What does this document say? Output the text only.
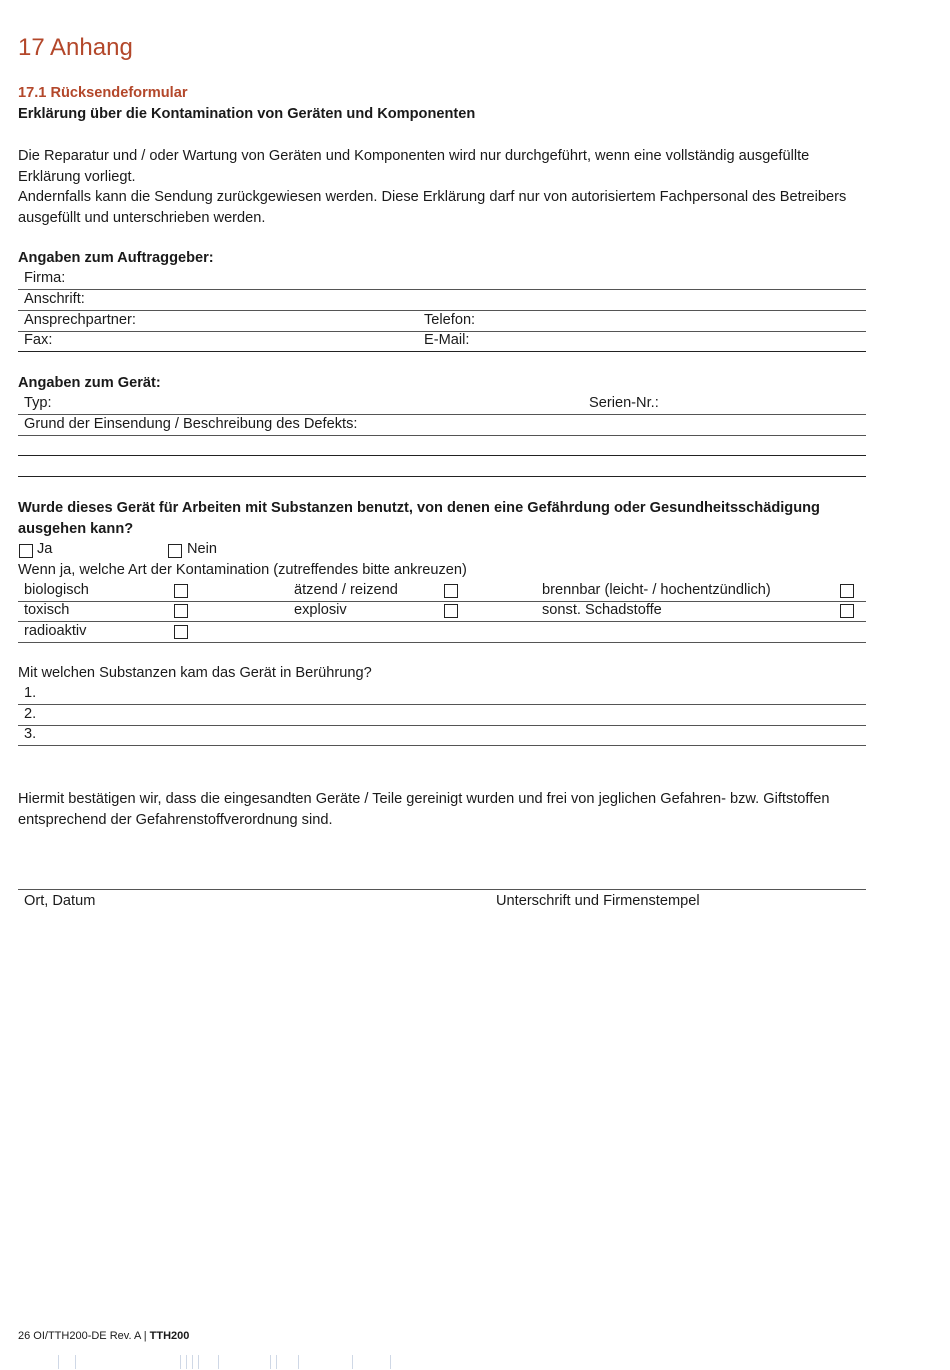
17 Anhang
17.1 Rücksendeformular
Erklärung über die Kontamination von Geräten und Komponenten
Die Reparatur und / oder Wartung von Geräten und Komponenten wird nur durchgeführt, wenn eine vollständig ausgefüllte
Erklärung vorliegt.
Andernfalls kann die Sendung zurückgewiesen werden. Diese Erklärung darf nur von autorisiertem Fachpersonal des Betreibers
ausgefüllt und unterschrieben werden.
Angaben zum Auftraggeber:
Firma:
Anschrift:
Ansprechpartner:	Telefon:
Fax:	E-Mail:
Angaben zum Gerät:
Typ:	Serien-Nr.:
Grund der Einsendung / Beschreibung des Defekts:
Wurde dieses Gerät für Arbeiten mit Substanzen benutzt, von denen eine Gefährdung oder Gesundheitsschädigung
ausgehen kann?
Ja	Nein
Wenn ja, welche Art der Kontamination (zutreffendes bitte ankreuzen)
biologisch	ätzend / reizend	brennbar (leicht- / hochentzündlich)
toxisch	explosiv	sonst. Schadstoffe
radioaktiv
Mit welchen Substanzen kam das Gerät in Berührung?
1.
2.
3.
Hiermit bestätigen wir, dass die eingesandten Geräte / Teile gereinigt wurden und frei von jeglichen Gefahren- bzw. Giftstoffen
entsprechend der Gefahrenstoffverordnung sind.
Ort, Datum	Unterschrift und Firmenstempel
26 OI/TTH200-DE Rev. A | TTH200
